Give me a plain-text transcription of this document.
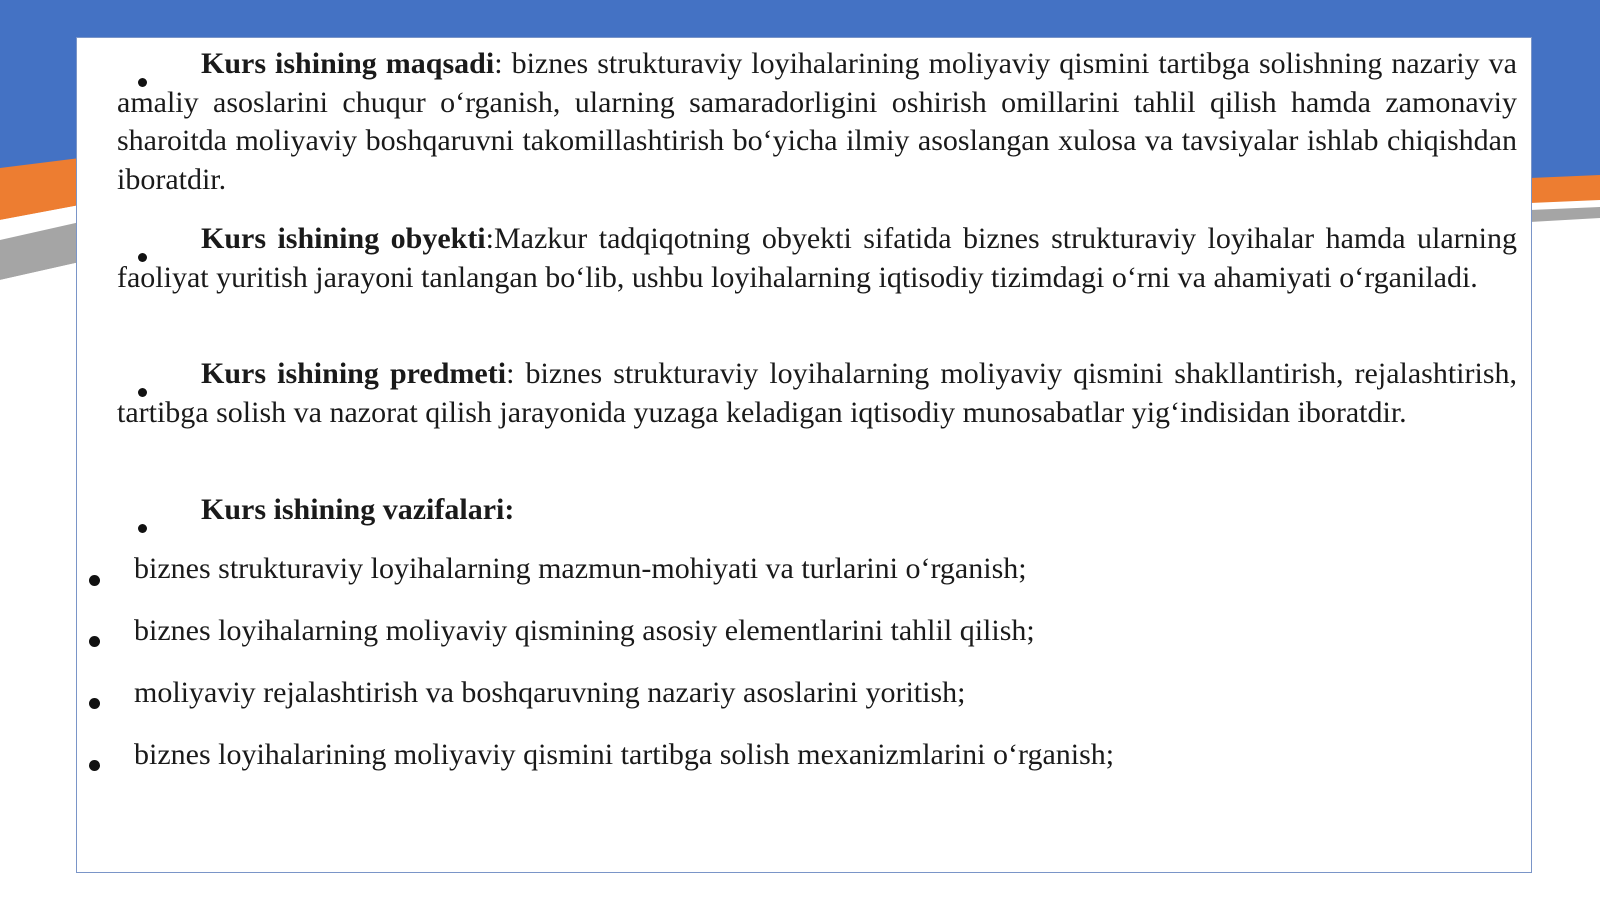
Kurs ishining maqsadi: biznes strukturaviy loyihalarining moliyaviy qismini tartibga solishning nazariy va amaliy asoslarini chuqur o‘rganish, ularning samaradorligini oshirish omillarini tahlil qilish hamda zamonaviy sharoitda moliyaviy boshqaruvni takomillashtirish bo‘yicha ilmiy asoslangan xulosa va tavsiyalar ishlab chiqishdan iboratdir.
Kurs ishining obyekti:Mazkur tadqiqotning obyekti sifatida biznes strukturaviy loyihalar hamda ularning faoliyat yuritish jarayoni tanlangan bo‘lib, ushbu loyihalarning iqtisodiy tizimdagi o‘rni va ahamiyati o‘rganiladi.
Kurs ishining predmeti: biznes strukturaviy loyihalarning moliyaviy qismini shakllantirish, rejalashtirish, tartibga solish va nazorat qilish jarayonida yuzaga keladigan iqtisodiy munosabatlar yig‘indisidan iboratdir.
Kurs ishining vazifalari:
biznes strukturaviy loyihalarning mazmun-mohiyati va turlarini o‘rganish;
biznes loyihalarning moliyaviy qismining asosiy elementlarini tahlil qilish;
moliyaviy rejalashtirish va boshqaruvning nazariy asoslarini yoritish;
biznes loyihalarining moliyaviy qismini tartibga solish mexanizmlarini o‘rganish;
